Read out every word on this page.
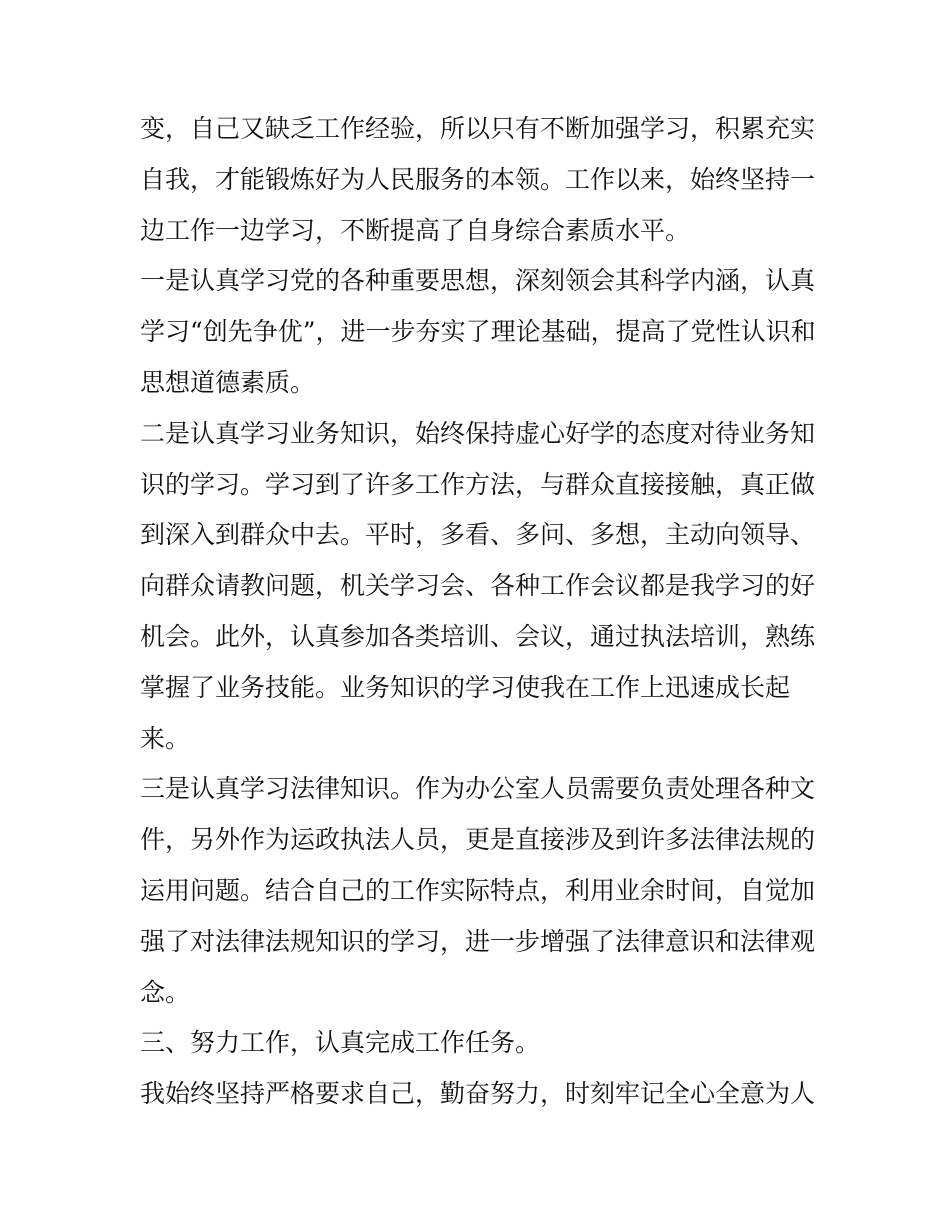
变，自己又缺乏工作经验，所以只有不断加强学习，积累充实
自我，才能锻炼好为人民服务的本领。工作以来，始终坚持一
边工作一边学习，不断提高了自身综合素质水平。
一是认真学习党的各种重要思想，深刻领会其科学内涵，认真
学习“创先争优”，进一步夯实了理论基础，提高了党性认识和
思想道德素质。
二是认真学习业务知识，始终保持虚心好学的态度对待业务知
识的学习。学习到了许多工作方法，与群众直接接触，真正做
到深入到群众中去。平时，多看、多问、多想，主动向领导、
向群众请教问题，机关学习会、各种工作会议都是我学习的好
机会。此外，认真参加各类培训、会议，通过执法培训，熟练
掌握了业务技能。业务知识的学习使我在工作上迅速成长起
来。
三是认真学习法律知识。作为办公室人员需要负责处理各种文
件，另外作为运政执法人员，更是直接涉及到许多法律法规的
运用问题。结合自己的工作实际特点，利用业余时间，自觉加
强了对法律法规知识的学习，进一步增强了法律意识和法律观
念。
三、努力工作，认真完成工作任务。
我始终坚持严格要求自己，勤奋努力，时刻牢记全心全意为人
